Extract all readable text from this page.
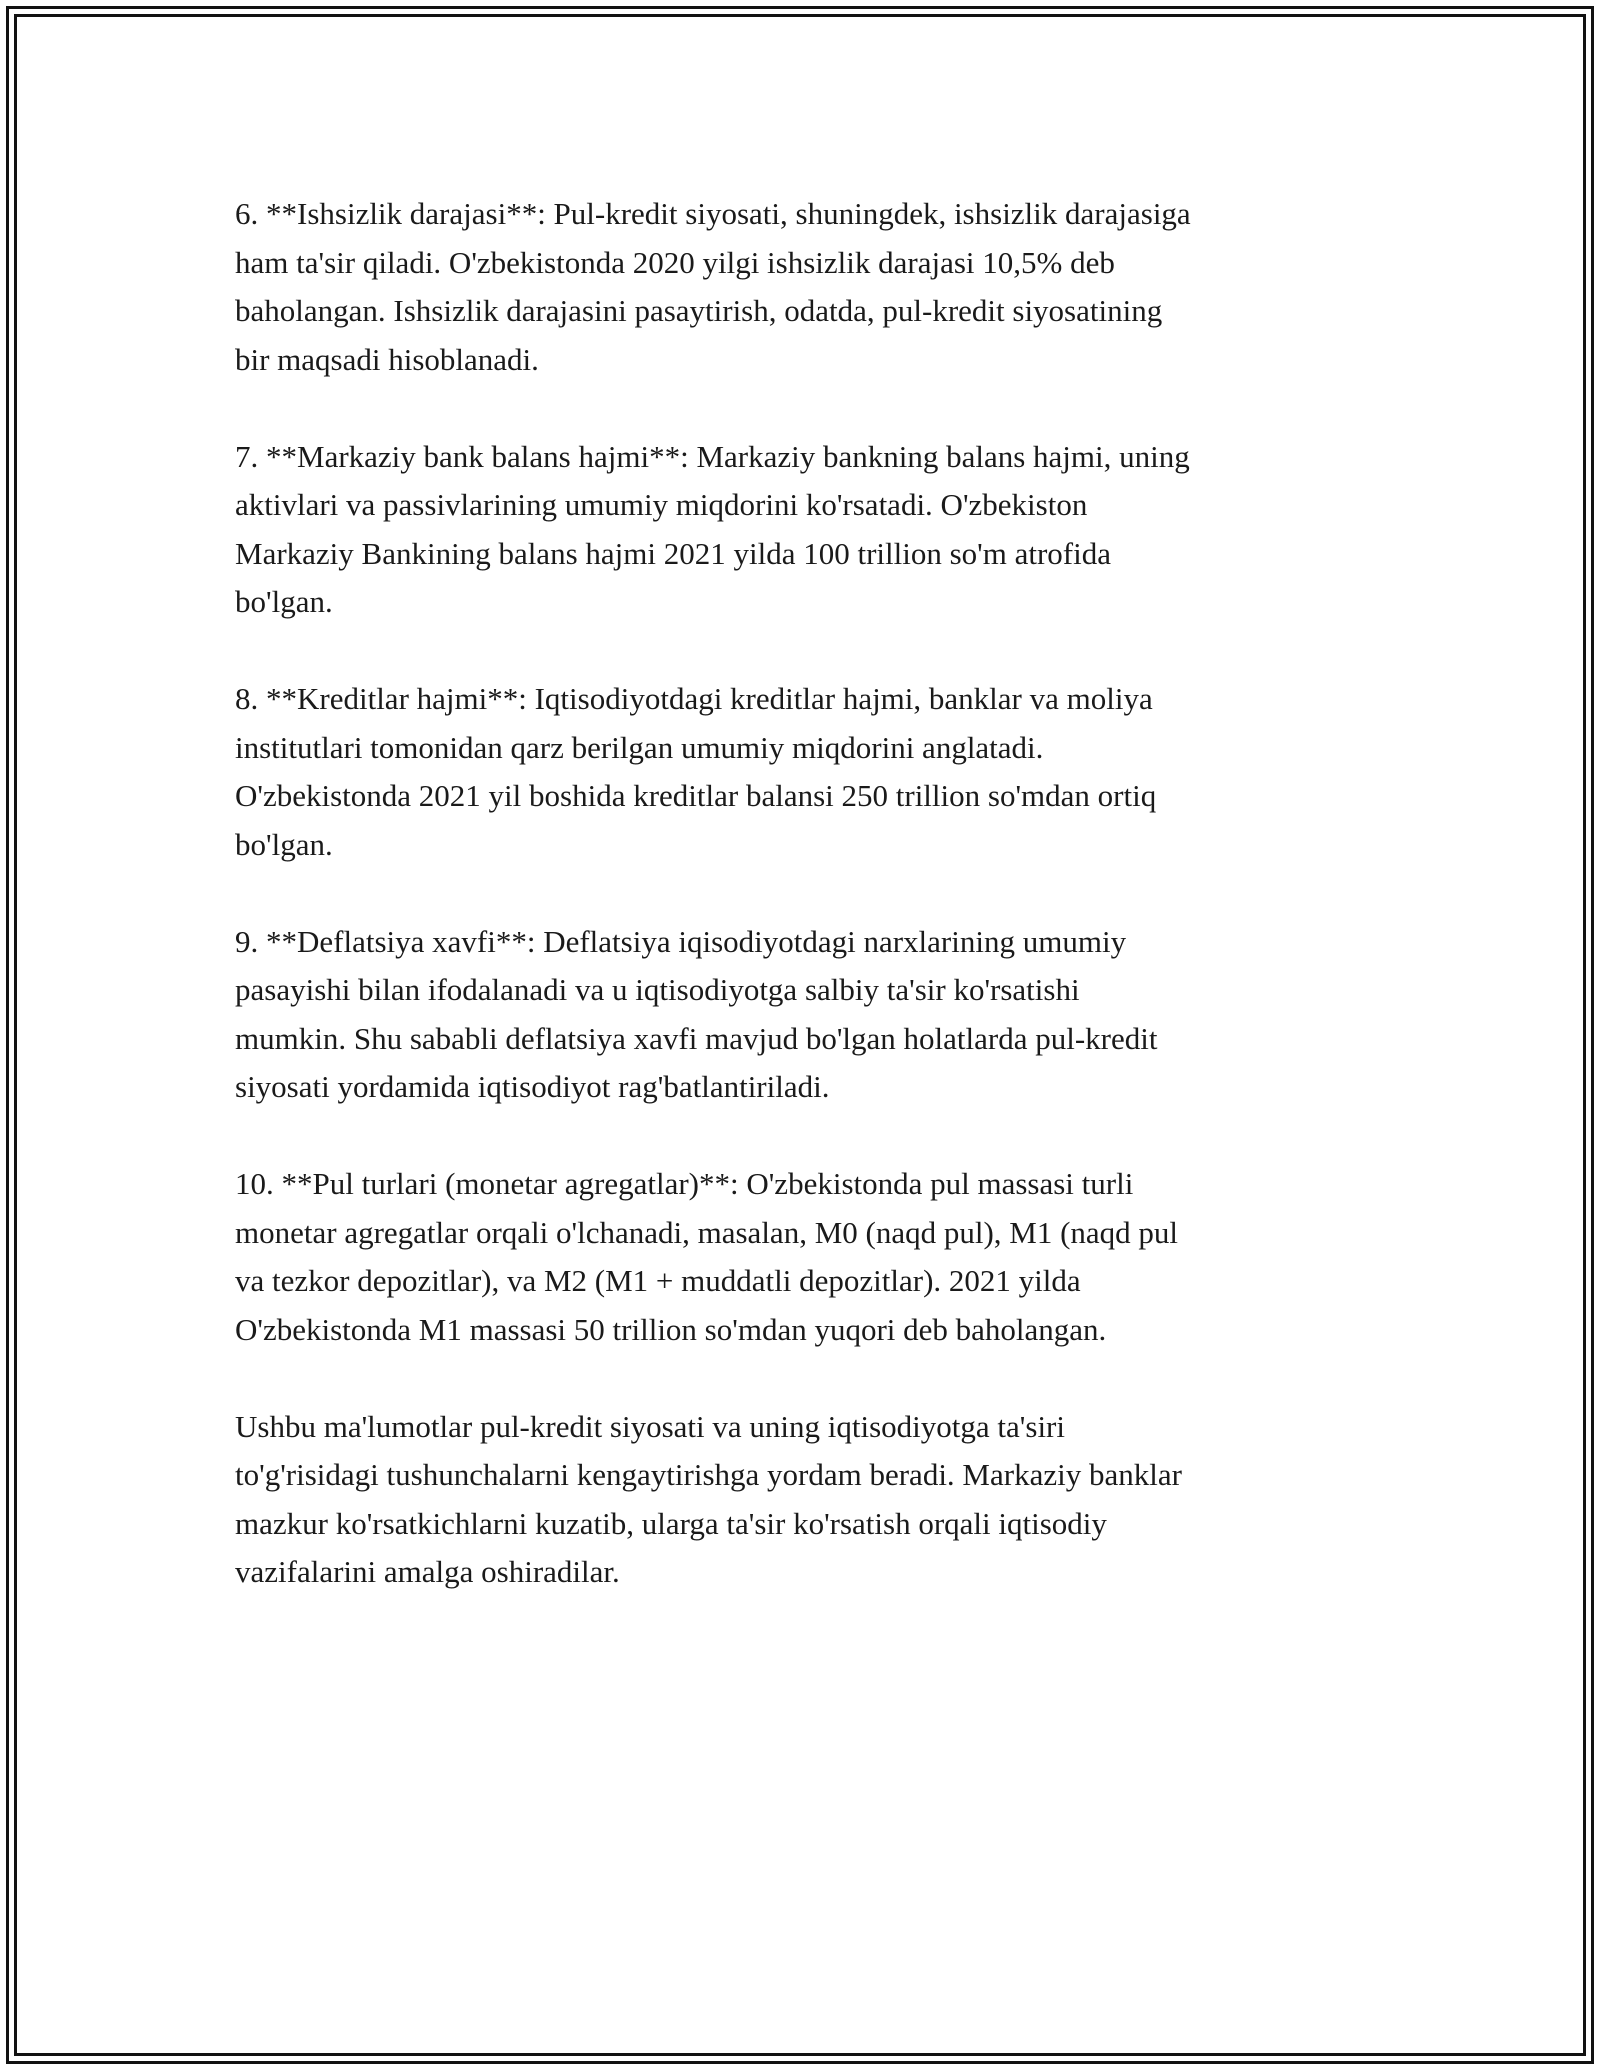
6. **Ishsizlik darajasi**: Pul-kredit siyosati, shuningdek, ishsizlik darajasiga
ham ta'sir qiladi. O'zbekistonda 2020 yilgi ishsizlik darajasi 10,5% deb
baholangan. Ishsizlik darajasini pasaytirish, odatda, pul-kredit siyosatining
bir maqsadi hisoblanadi.

7. **Markaziy bank balans hajmi**: Markaziy bankning balans hajmi, uning
aktivlari va passivlarining umumiy miqdorini ko'rsatadi. O'zbekiston
Markaziy Bankining balans hajmi 2021 yilda 100 trillion so'm atrofida
bo'lgan.

8. **Kreditlar hajmi**: Iqtisodiyotdagi kreditlar hajmi, banklar va moliya
institutlari tomonidan qarz berilgan umumiy miqdorini anglatadi.
O'zbekistonda 2021 yil boshida kreditlar balansi 250 trillion so'mdan ortiq
bo'lgan.

9. **Deflatsiya xavfi**: Deflatsiya iqisodiyotdagi narxlarining umumiy
pasayishi bilan ifodalanadi va u iqtisodiyotga salbiy ta'sir ko'rsatishi
mumkin. Shu sababli deflatsiya xavfi mavjud bo'lgan holatlarda pul-kredit
siyosati yordamida iqtisodiyot rag'batlantiriladi.

10. **Pul turlari (monetar agregatlar)**: O'zbekistonda pul massasi turli
monetar agregatlar orqali o'lchanadi, masalan, M0 (naqd pul), M1 (naqd pul
va tezkor depozitlar), va M2 (M1 + muddatli depozitlar). 2021 yilda
O'zbekistonda M1 massasi 50 trillion so'mdan yuqori deb baholangan.

Ushbu ma'lumotlar pul-kredit siyosati va uning iqtisodiyotga ta'siri
to'g'risidagi tushunchalarni kengaytirishga yordam beradi. Markaziy banklar
mazkur ko'rsatkichlarni kuzatib, ularga ta'sir ko'rsatish orqali iqtisodiy
vazifalarini amalga oshiradilar.
